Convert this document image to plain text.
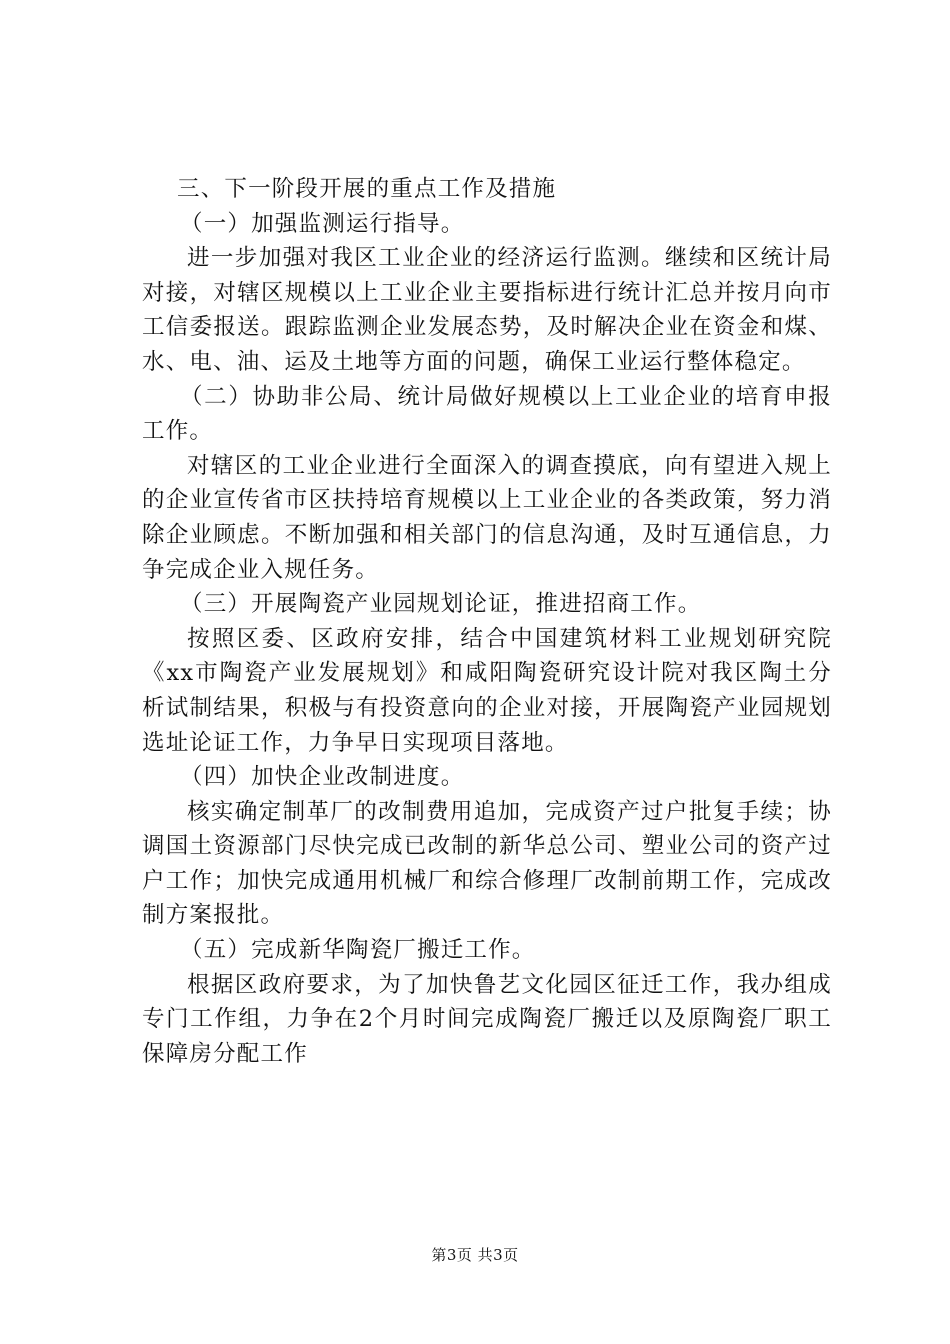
三、下一阶段开展的重点工作及措施

（一）加强监测运行指导。

进一步加强对我区工业企业的经济运行监测。继续和区统计局对接，对辖区规模以上工业企业主要指标进行统计汇总并按月向市工信委报送。跟踪监测企业发展态势，及时解决企业在资金和煤、水、电、油、运及土地等方面的问题，确保工业运行整体稳定。

（二）协助非公局、统计局做好规模以上工业企业的培育申报工作。

对辖区的工业企业进行全面深入的调查摸底，向有望进入规上的企业宣传省市区扶持培育规模以上工业企业的各类政策，努力消除企业顾虑。不断加强和相关部门的信息沟通，及时互通信息，力争完成企业入规任务。

（三）开展陶瓷产业园规划论证，推进招商工作。

按照区委、区政府安排，结合中国建筑材料工业规划研究院《xx市陶瓷产业发展规划》和咸阳陶瓷研究设计院对我区陶土分析试制结果，积极与有投资意向的企业对接，开展陶瓷产业园规划选址论证工作，力争早日实现项目落地。

（四）加快企业改制进度。

核实确定制革厂的改制费用追加，完成资产过户批复手续；协调国土资源部门尽快完成已改制的新华总公司、塑业公司的资产过户工作；加快完成通用机械厂和综合修理厂改制前期工作，完成改制方案报批。

（五）完成新华陶瓷厂搬迁工作。

根据区政府要求，为了加快鲁艺文化园区征迁工作，我办组成专门工作组，力争在2个月时间完成陶瓷厂搬迁以及原陶瓷厂职工保障房分配工作

第3页 共3页
